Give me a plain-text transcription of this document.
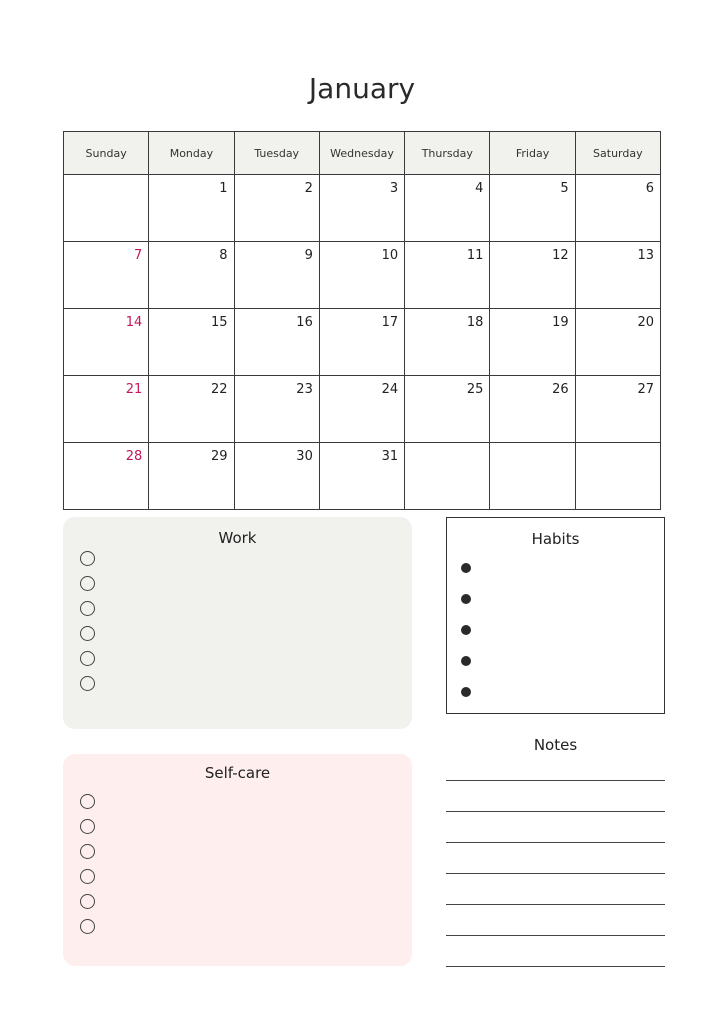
January
Sunday	Monday	Tuesday	Wednesday	Thursday	Friday	Saturday
	1	2	3	4	5	6
7	8	9	10	11	12	13
14	15	16	17	18	19	20
21	22	23	24	25	26	27
28	29	30	31			
Work
Self-care
Habits
Notes
